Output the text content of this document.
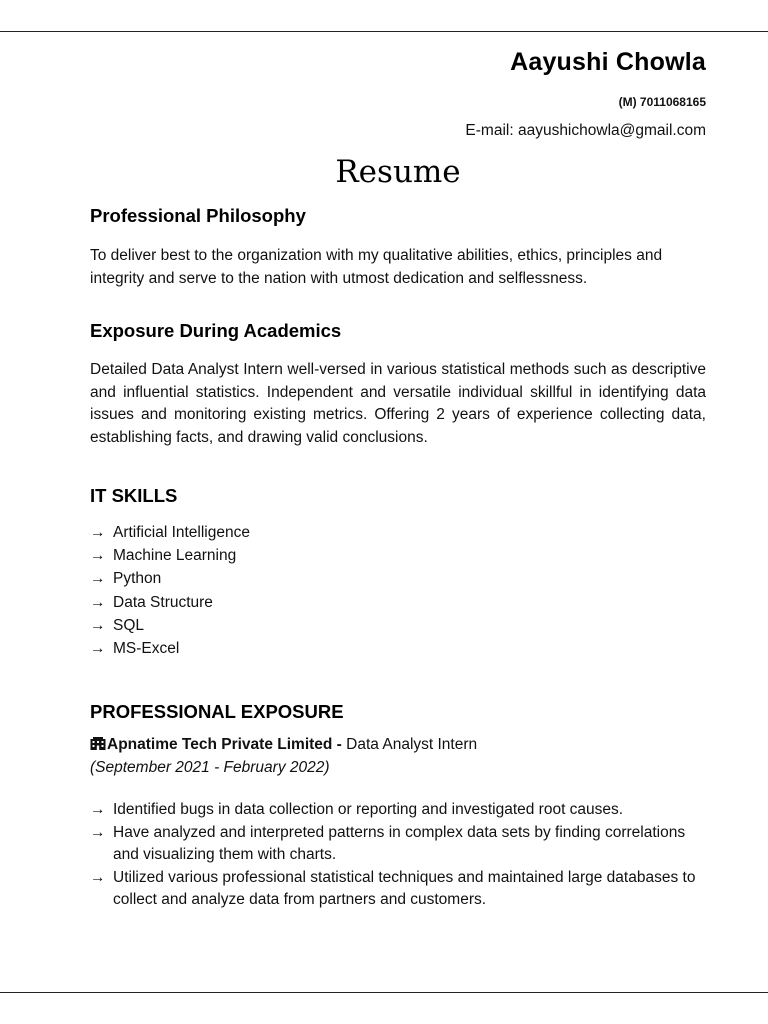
Aayushi Chowla
(M) 7011068165
E-mail: aayushichowla@gmail.com
Resume
Professional Philosophy

To deliver best to the organization with my qualitative abilities, ethics, principles and integrity and serve to the nation with utmost dedication and selflessness.

Exposure During Academics

Detailed Data Analyst Intern well-versed in various statistical methods such as descriptive and influential statistics. Independent and versatile individual skillful in identifying data issues and monitoring existing metrics. Offering 2 years of experience collecting data, establishing facts, and drawing valid conclusions.

IT SKILLS
→ Artificial Intelligence
→ Machine Learning
→ Python
→ Data Structure
→ SQL
→ MS-Excel
PROFESSIONAL EXPOSURE
Apnatime Tech Private Limited - Data Analyst Intern
(September 2021 - February 2022)
→ Identified bugs in data collection or reporting and investigated root causes.
→ Have analyzed and interpreted patterns in complex data sets by finding correlations and visualizing them with charts.
→ Utilized various professional statistical techniques and maintained large databases to collect and analyze data from partners and customers.
